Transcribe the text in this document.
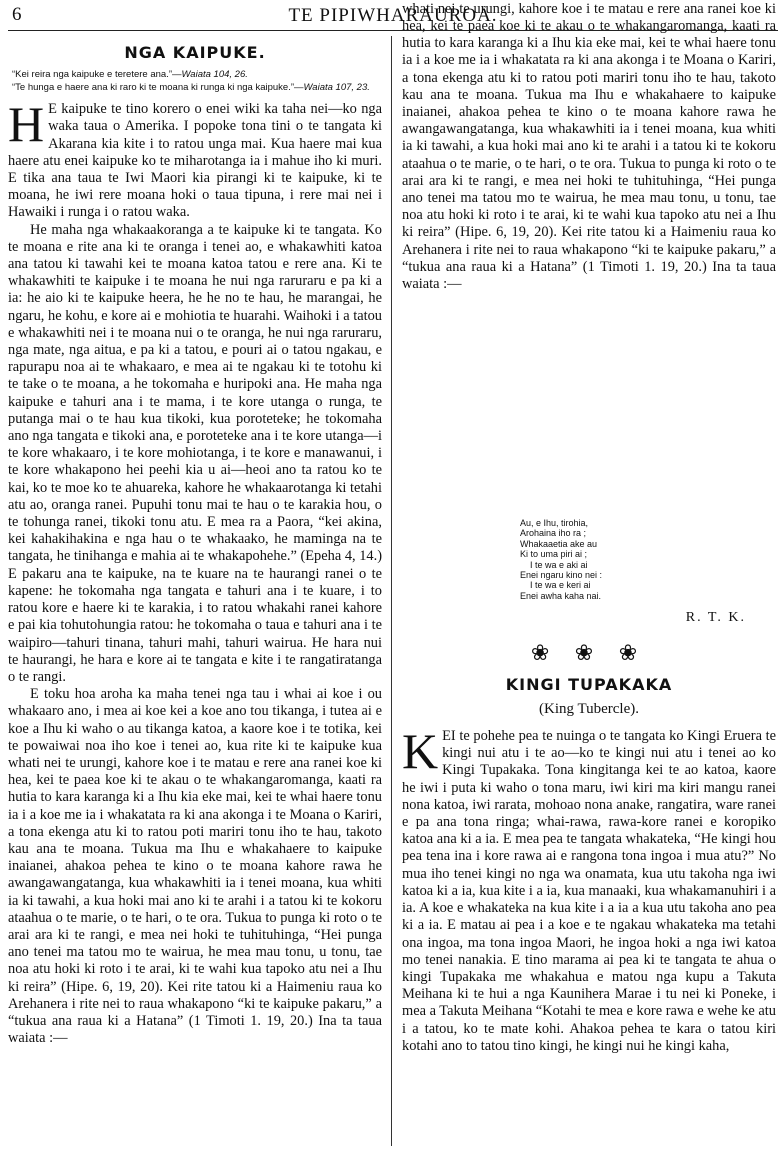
6	TE PIPIWHARAUROA.
NGA KAIPUKE.

“Kei reira nga kaipuke e teretere ana.”—Waiata 104, 26.

“Te hunga e haere ana ki raro ki te moana ki runga ki nga kaipuke.”—Waiata 107, 23.

H E kaipuke te tino korero o enei wiki ka taha nei—ko nga waka taua o Amerika. I popoke tona tini o te tangata ki Akarana kia kite i to ratou unga mai. Kua haere mai kua haere atu enei kaipuke ko te miharotanga ia i mahue iho ki muri. E tika ana taua te Iwi Maori kia pirangi ki te kaipuke, ki te moana, he iwi rere moana hoki o taua tipuna, i rere mai nei i Hawaiki i runga i o ratou waka.

He maha nga whakaakoranga a te kaipuke ki te tangata. Ko te moana e rite ana ki te oranga i tenei ao, e whakawhiti katoa ana tatou ki tawahi kei te moana katoa tatou e rere ana. Ki te whakawhiti te kaipuke i te moana he nui nga raruraru e pa ki a ia: he aio ki te kaipuke heera, he he no te hau, he marangai, he ngaru, he kohu, e kore ai e mohiotia te huarahi. Waihoki i a tatou e whakawhiti nei i te moana nui o te oranga, he nui nga raruraru, nga mate, nga aitua, e pa ki a tatou, e pouri ai o tatou ngakau, e rapurapu noa ai te whakaaro, e mea ai te ngakau ki te totohu ki te take o te moana, a he tokomaha e huripoki ana. He maha nga kaipuke e tahuri ana i te mama, i te kore utanga o runga, te putanga mai o te hau kua tikoki, kua poroteteke; he tokomaha ano nga tangata e tikoki ana, e poroteteke ana i te kore utanga—i te kore whakaaro, i te kore mohiotanga, i te kore e manawanui, i te kore whakapono hei peehi kia u ai—heoi ano ta ratou ko te kai, ko te moe ko te ahuareka, kahore he whakaarotanga ki tetahi atu ao, oranga ranei. Pupuhi tonu mai te hau o te karakia hou, o te tohunga ranei, tikoki tonu atu. E mea ra a Paora, “kei akina, kei kahakihakina e nga hau o te whakaako, he maminga na te tangata, he tinihanga e mahia ai te whakapohehe.” (Epeha 4, 14.) E pakaru ana te kaipuke, na te kuare na te haurangi ranei o te kapene: he tokomaha nga tangata e tahuri ana i te kuare, i to ratou kore e haere ki te karakia, i to ratou whakahi ranei kahore e pai kia tohutohungia ratou: he tokomaha o taua e tahuri ana i te waipiro—tahuri tinana, tahuri mahi, tahuri wairua. He hara nui te haurangi, he hara e kore ai te tangata e kite i te rangatiratanga o te rangi.

E toku hoa aroha ka maha tenei nga tau i whai ai koe i ou whakaaro ano, i mea ai koe kei a koe ano tou tikanga, i tutea ai e koe a Ihu ki waho o au tikanga katoa, a kaore koe i te totika, kei te powaiwai noa iho koe i tenei ao, kua rite ki te kaipuke kua whati nei te urungi, kahore koe i te matau e rere ana ranei koe ki hea, kei te paea koe ki te akau o te whakangaromanga, kaati ra hutia to kara karanga ki a Ihu kia eke mai, kei te whai haere tonu ia i a koe me ia i whakatata ra ki ana akonga i te Moana o Kariri, a tona ekenga atu ki to ratou poti mariri tonu iho te hau, takoto kau ana te moana. Tukua ma Ihu e whakahaere to kaipuke inaianei, ahakoa pehea te kino o te moana kahore rawa he awangawangatanga, kua whakawhiti ia i tenei moana, kua whiti ia ki tawahi, a kua hoki mai ano ki te arahi i a tatou ki te kokoru ataahua o te marie, o te hari, o te ora. Tukua to punga ki roto o te arai ara ki te rangi, e mea nei hoki te tuhituhinga, “Hei punga ano tenei ma tatou mo te wairua, he mea mau tonu, u tonu, tae noa atu hoki ki roto i te arai, ki te wahi kua tapoko atu nei a Ihu ki reira” (Hipe. 6, 19, 20). Kei rite tatou ki a Haimeniu raua ko Arehanera i rite nei to raua whakapono “ki te kaipuke pakaru,” a “tukua ana raua ki a Hatana” (1 Timoti 1. 19, 20.) Ina ta taua waiata :—

whati nei te urungi, kahore koe i te matau e rere ana ranei koe ki hea, kei te paea koe ki te akau o te whakangaromanga, kaati ra hutia to kara karanga ki a Ihu kia eke mai, kei te whai haere tonu ia i a koe me ia i whakatata ra ki ana akonga i te Moana o Kariri, a tona ekenga atu ki to ratou poti mariri tonu iho te hau, takoto kau ana te moana. Tukua ma Ihu e whakahaere to kaipuke inaianei, ahakoa pehea te kino o te moana kahore rawa he awangawangatanga, kua whakawhiti ia i tenei moana, kua whiti ia ki tawahi, a kua hoki mai ano ki te arahi i a tatou ki te kokoru ataahua o te marie, o te hari, o te ora. Tukua to punga ki roto o te arai ara ki te rangi, e mea nei hoki te tuhituhinga, “Hei punga ano tenei ma tatou mo te wairua, he mea mau tonu, u tonu, tae noa atu hoki ki roto i te arai, ki te wahi kua tapoko atu nei a Ihu ki reira” (Hipe. 6, 19, 20). Kei rite tatou ki a Haimeniu raua ko Arehanera i rite nei to raua whakapono “ki te kaipuke pakaru,” a “tukua ana raua ki a Hatana” (1 Timoti 1. 19, 20.) Ina ta taua waiata :—
Au, e Ihu, tirohia,
Arohaina iho ra ;
Whakaaetia ake au
Ki to uma piri ai ;
I te wa e aki ai
Enei ngaru kino nei :
I te wa e keri ai
Enei awha kaha nai.
R. T. K.
❀ ❀ ❀
KINGI TUPAKAKA
(King Tubercle).

KEI te pohehe pea te nuinga o te tangata ko Kingi Eruera te kingi nui atu i te ao—ko te kingi nui atu i tenei ao ko Kingi Tupakaka. Tona kingitanga kei te ao katoa, kaore he iwi i puta ki waho o tona maru, iwi kiri ma kiri mangu ranei nona katoa, iwi rarata, mohoao nona anake, rangatira, ware ranei e pa ana tona ringa; whai-rawa, rawa-kore ranei e koropiko katoa ana ki a ia. E mea pea te tangata whakateka, “He kingi hou pea tena ina i kore rawa ai e rangona tona ingoa i mua atu?” No mua iho tenei kingi no nga wa onamata, kua utu takoha nga iwi katoa ki a ia, kua kite i a ia, kua manaaki, kua whakamanuhiri i a ia. A koe e whakateka na kua kite i a ia a kua utu takoha ano pea ki a ia. E matau ai pea i a koe e te ngakau whakateka ma tetahi ona ingoa, ma tona ingoa Maori, he ingoa hoki a nga iwi katoa mo tenei nanakia. E tino marama ai pea ki te tangata te ahua o kingi Tupakaka me whakahua e matou nga kupu a Takuta Meihana ki te hui a nga Kaunihera Marae i tu nei ki Poneke, i mea a Takuta Meihana “Kotahi te mea e kore rawa e wehe ke atu i a tatou, ko te mate kohi. Ahakoa pehea te kara o tatou kiri kotahi ano to tatou tino kingi, he kingi nui he kingi kaha,
